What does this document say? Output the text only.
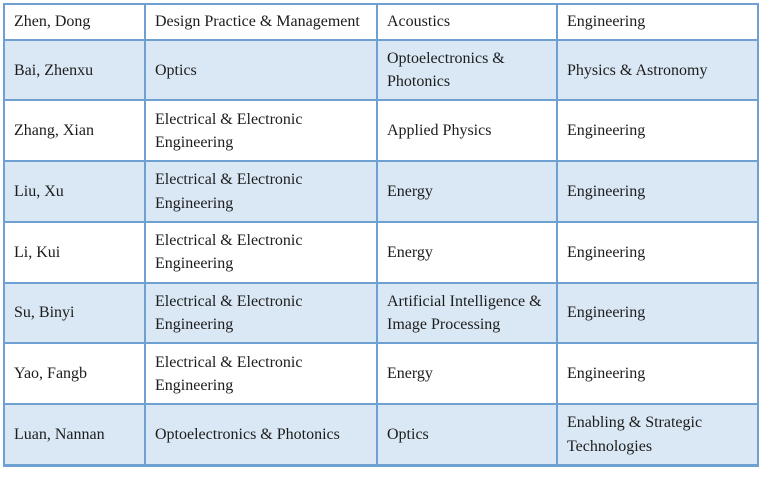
Zhen, Dong	Design Practice & Management	Acoustics	Engineering
Bai, Zhenxu	Optics	Optoelectronics & Photonics	Physics & Astronomy
Zhang, Xian	Electrical & Electronic Engineering	Applied Physics	Engineering
Liu, Xu	Electrical & Electronic Engineering	Energy	Engineering
Li, Kui	Electrical & Electronic Engineering	Energy	Engineering
Su, Binyi	Electrical & Electronic Engineering	Artificial Intelligence & Image Processing	Engineering
Yao, Fangb	Electrical & Electronic Engineering	Energy	Engineering
Luan, Nannan	Optoelectronics & Photonics	Optics	Enabling & Strategic Technologies
